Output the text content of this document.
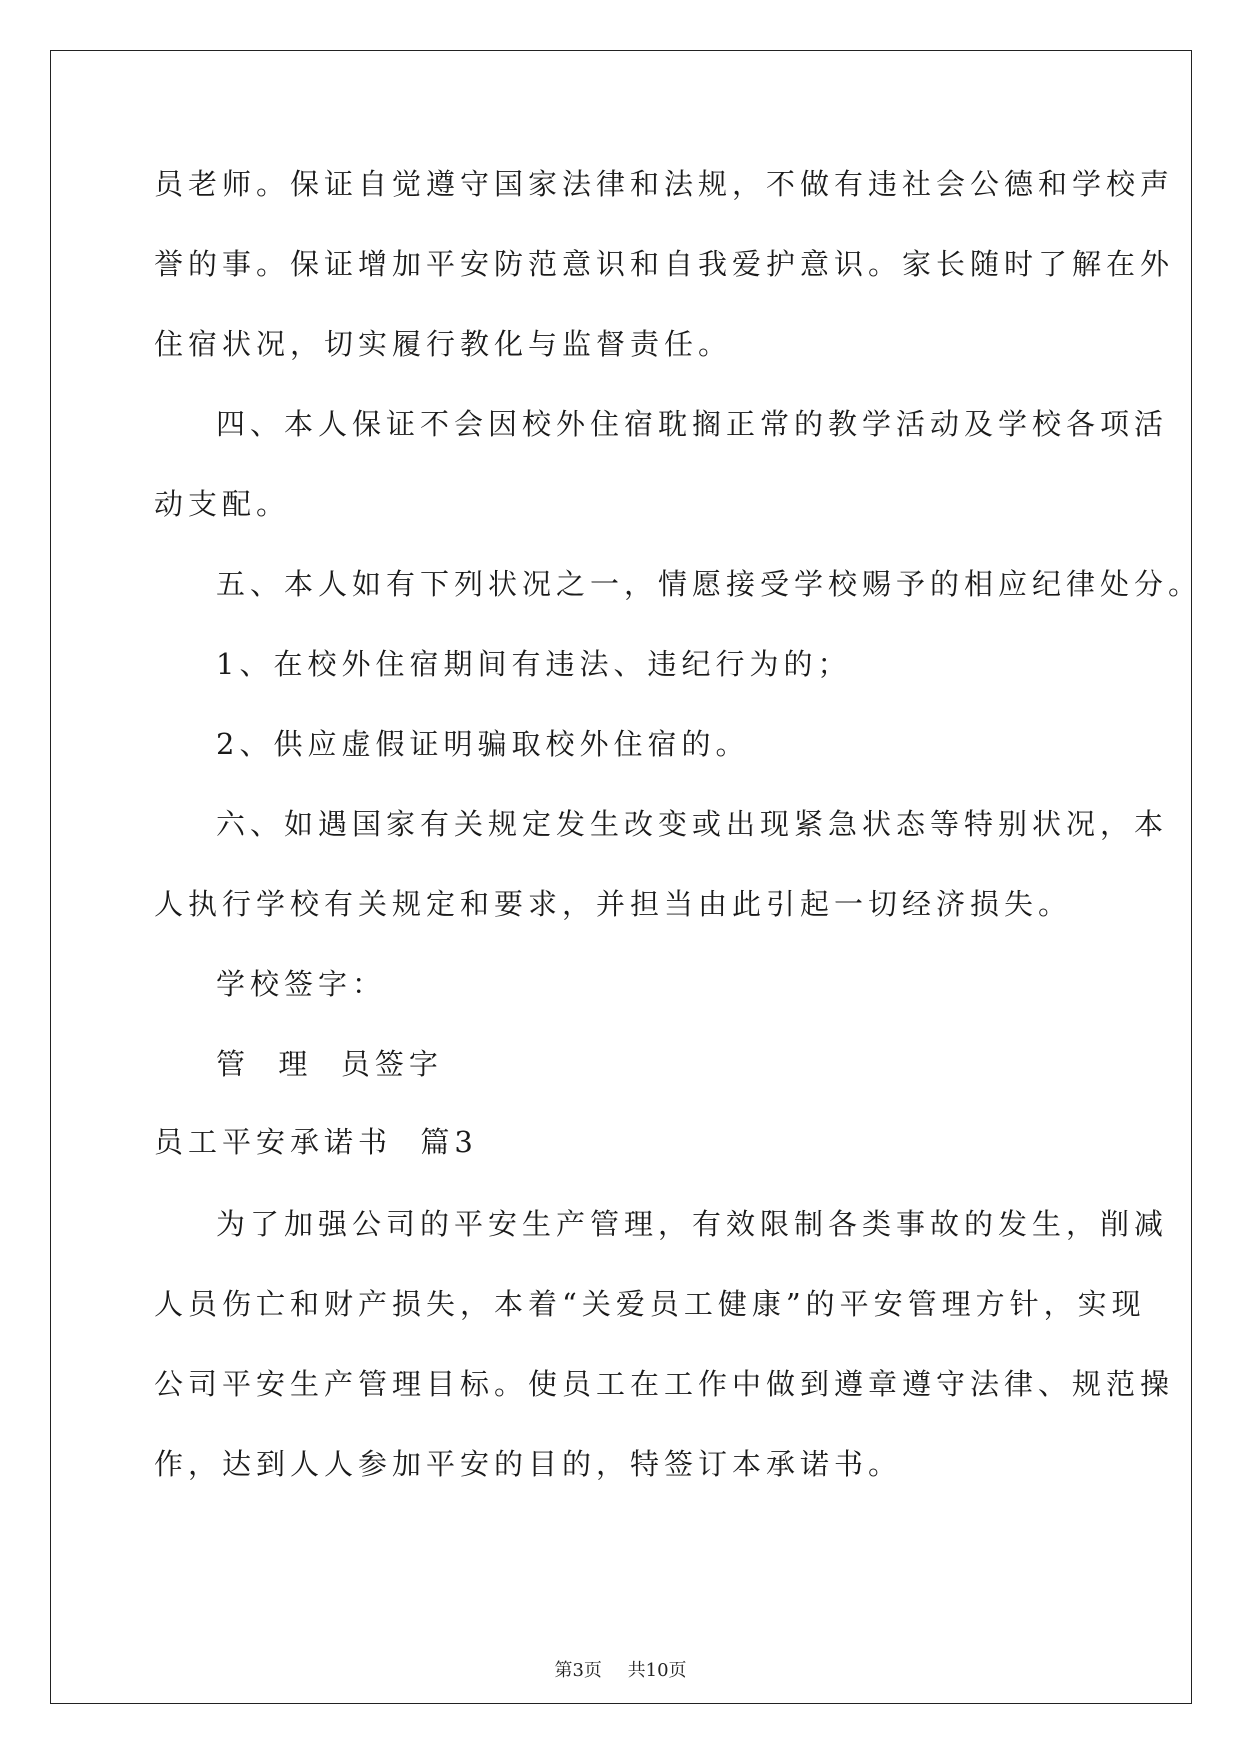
员老师。保证自觉遵守国家法律和法规，不做有违社会公德和学校声

誉的事。保证增加平安防范意识和自我爱护意识。家长随时了解在外

住宿状况，切实履行教化与监督责任。

四、本人保证不会因校外住宿耽搁正常的教学活动及学校各项活

动支配。

五、本人如有下列状况之一，情愿接受学校赐予的相应纪律处分。

1、在校外住宿期间有违法、违纪行为的；

2、供应虚假证明骗取校外住宿的。

六、如遇国家有关规定发生改变或出现紧急状态等特别状况，本

人执行学校有关规定和要求，并担当由此引起一切经济损失。

学校签字：

管  理  员签字

员工平安承诺书  篇3

为了加强公司的平安生产管理，有效限制各类事故的发生，削减

人员伤亡和财产损失，本着“关爱员工健康”的平安管理方针，实现

公司平安生产管理目标。使员工在工作中做到遵章遵守法律、规范操

作，达到人人参加平安的目的，特签订本承诺书。

第3页 共10页
